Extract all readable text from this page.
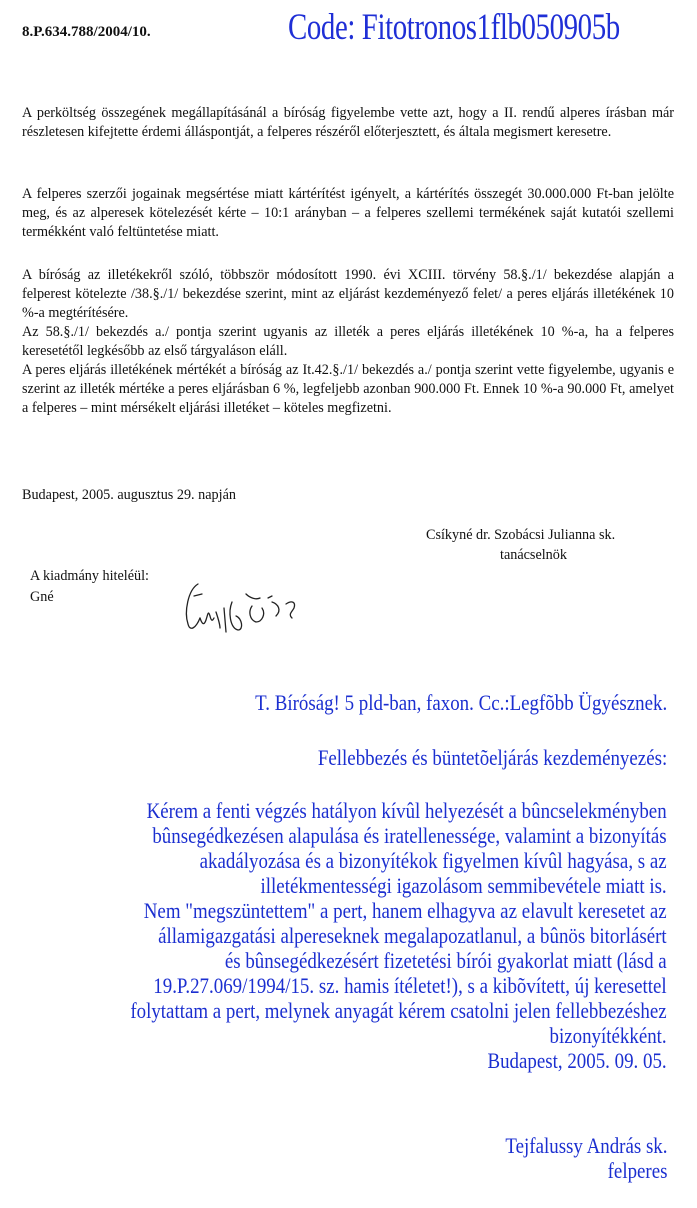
8.P.634.788/2004/10.	Code: Fitotronos1flb050905b

A perköltség összegének megállapításánál a bíróság figyelembe vette azt, hogy a II. rendű alperes írásban már részletesen kifejtette érdemi álláspontját, a felperes részéről előterjesztett, és általa megismert keresetre.

A felperes szerzői jogainak megsértése miatt kártérítést igényelt, a kártérítés összegét 30.000.000 Ft-ban jelölte meg, és az alperesek kötelezését kérte – 10:1 arányban – a felperes szellemi termékének saját kutatói szellemi termékként való feltüntetése miatt.

A bíróság az illetékekről szóló, többször módosított 1990. évi XCIII. törvény 58.§./1/ bekezdése alapján a felperest kötelezte /38.§./1/ bekezdése szerint, mint az eljárást kezdeményező felet/ a peres eljárás illetékének 10 %-a megtérítésére.

Az 58.§./1/ bekezdés a./ pontja szerint ugyanis az illeték a peres eljárás illetékének 10 %-a, ha a felperes keresetétől legkésőbb az első tárgyaláson eláll.

A peres eljárás illetékének mértékét a bíróság az It.42.§./1/ bekezdés a./ pontja szerint vette figyelembe, ugyanis e szerint az illeték mértéke a peres eljárásban 6 %, legfeljebb azonban 900.000 Ft. Ennek 10 %-a 90.000 Ft, amelyet a felperes – mint mérsékelt eljárási illetéket – köteles megfizetni.

Budapest, 2005. augusztus 29. napján
Csíkyné dr. Szobácsi Julianna sk.
tanácselnök
A kiadmány hiteléül:
Gné
T. Bíróság! 5 pld-ban, faxon. Cc.:Legfõbb Ügyésznek.
Fellebbezés és büntetõeljárás kezdeményezés:
Kérem a fenti végzés hatályon kívûl helyezését a bûncselekményben
bûnsegédkezésen alapulása és iratellenessége, valamint a bizonyítás
akadályozása és a bizonyítékok figyelmen kívûl hagyása, s az
illetékmentességi igazolásom semmibevétele miatt is.
Nem "megszüntettem" a pert, hanem elhagyva az elavult keresetet az
államigazgatási alpereseknek megalapozatlanul, a bûnös bitorlásért
és bûnsegédkezésért fizetetési bírói gyakorlat miatt (lásd a
19.P.27.069/1994/15. sz. hamis ítéletet!), s a kibõvített, új keresettel
folytattam a pert, melynek anyagát kérem csatolni jelen fellebbezéshez
bizonyítékként.
Budapest, 2005. 09. 05.
Tejfalussy András sk.
felperes
